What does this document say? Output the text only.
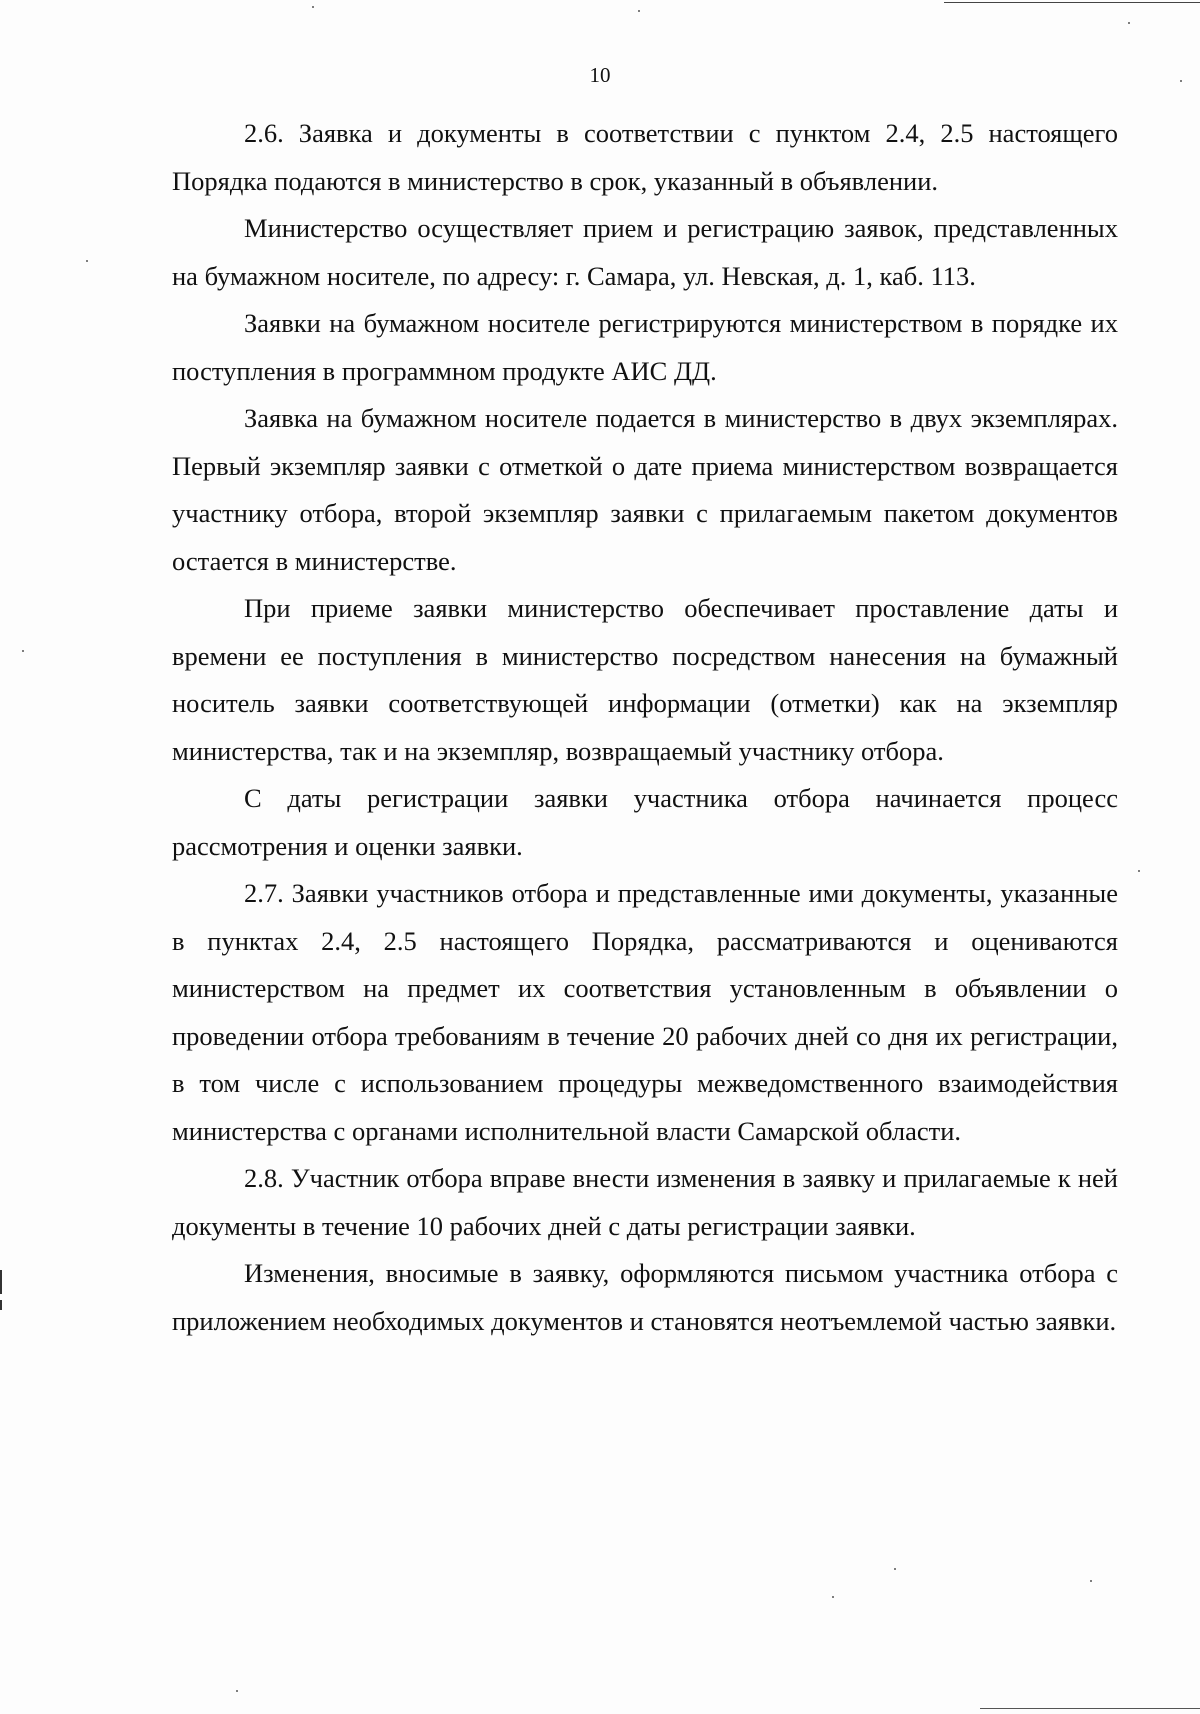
10

2.6. Заявка и документы в соответствии с пунктом 2.4, 2.5 настоящего Порядка подаются в министерство в срок, указанный в объявлении.

Министерство осуществляет прием и регистрацию заявок, представленных на бумажном носителе, по адресу: г. Самара, ул. Невская, д. 1, каб. 113.

Заявки на бумажном носителе регистрируются министерством в порядке их поступления в программном продукте АИС ДД.

Заявка на бумажном носителе подается в министерство в двух экземплярах. Первый экземпляр заявки с отметкой о дате приема министерством возвращается участнику отбора, второй экземпляр заявки с прилагаемым пакетом документов остается в министерстве.

При приеме заявки министерство обеспечивает проставление даты и времени ее поступления в министерство посредством нанесения на бумажный носитель заявки соответствующей информации (отметки) как на экземпляр министерства, так и на экземпляр, возвращаемый участнику отбора.

С даты регистрации заявки участника отбора начинается процесс рассмотрения и оценки заявки.

2.7. Заявки участников отбора и представленные ими документы, указанные в пунктах 2.4, 2.5 настоящего Порядка, рассматриваются и оцениваются министерством на предмет их соответствия установленным в объявлении о проведении отбора требованиям в течение 20 рабочих дней со дня их регистрации, в том числе с использованием процедуры межведомственного взаимодействия министерства с органами исполнительной власти Самарской области.

2.8. Участник отбора вправе внести изменения в заявку и прилагаемые к ней документы в течение 10 рабочих дней с даты регистрации заявки.

Изменения, вносимые в заявку, оформляются письмом участника отбора с приложением необходимых документов и становятся неотъемлемой частью заявки.
